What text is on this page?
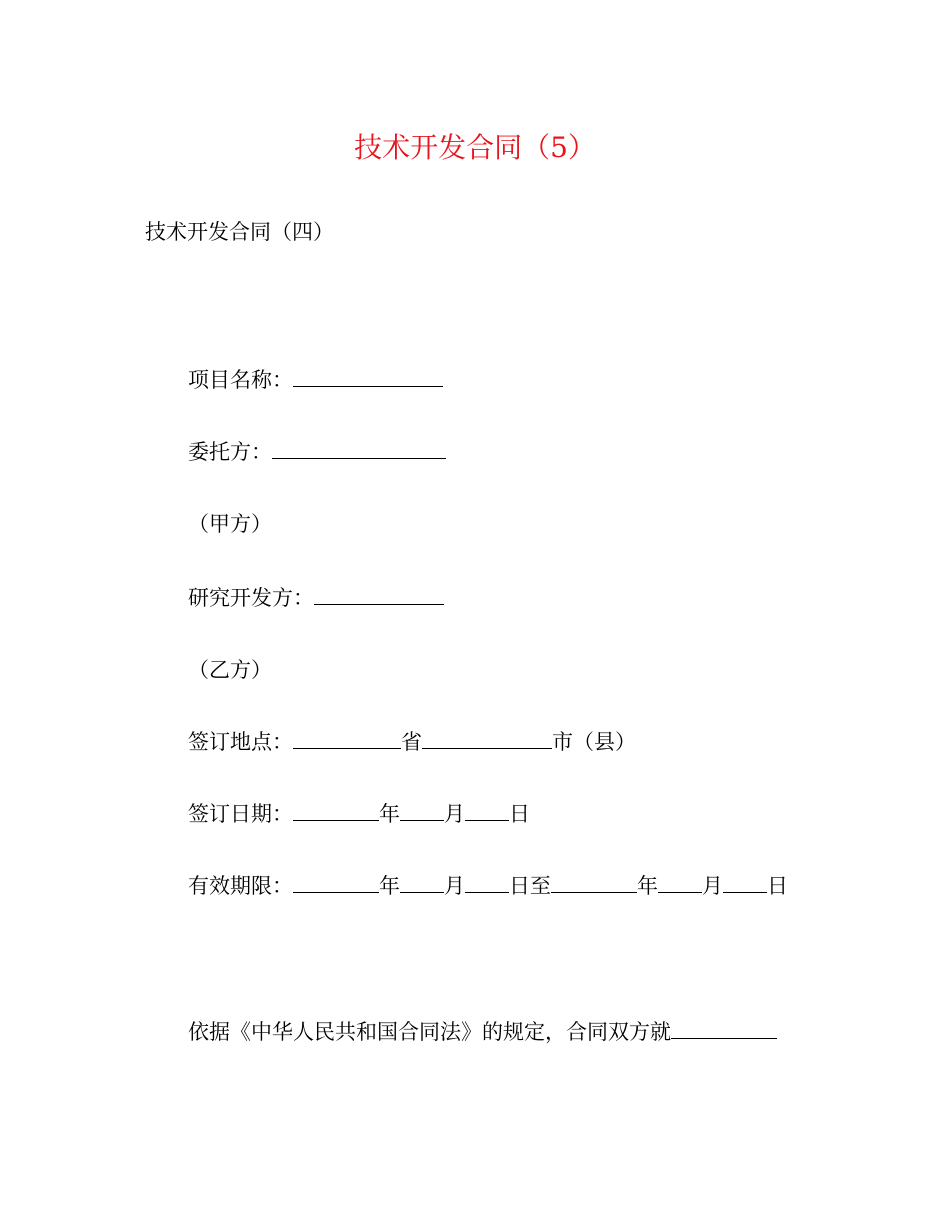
技术开发合同（5）
技术开发合同（四）
项目名称：
委托方：
（甲方）
研究开发方：
（乙方）
签订地点：	省	市（县）
签订日期：	年 月 日
有效期限：	年 月 日至	年 月 日
依据《中华人民共和国合同法》的规定，合同双方就
